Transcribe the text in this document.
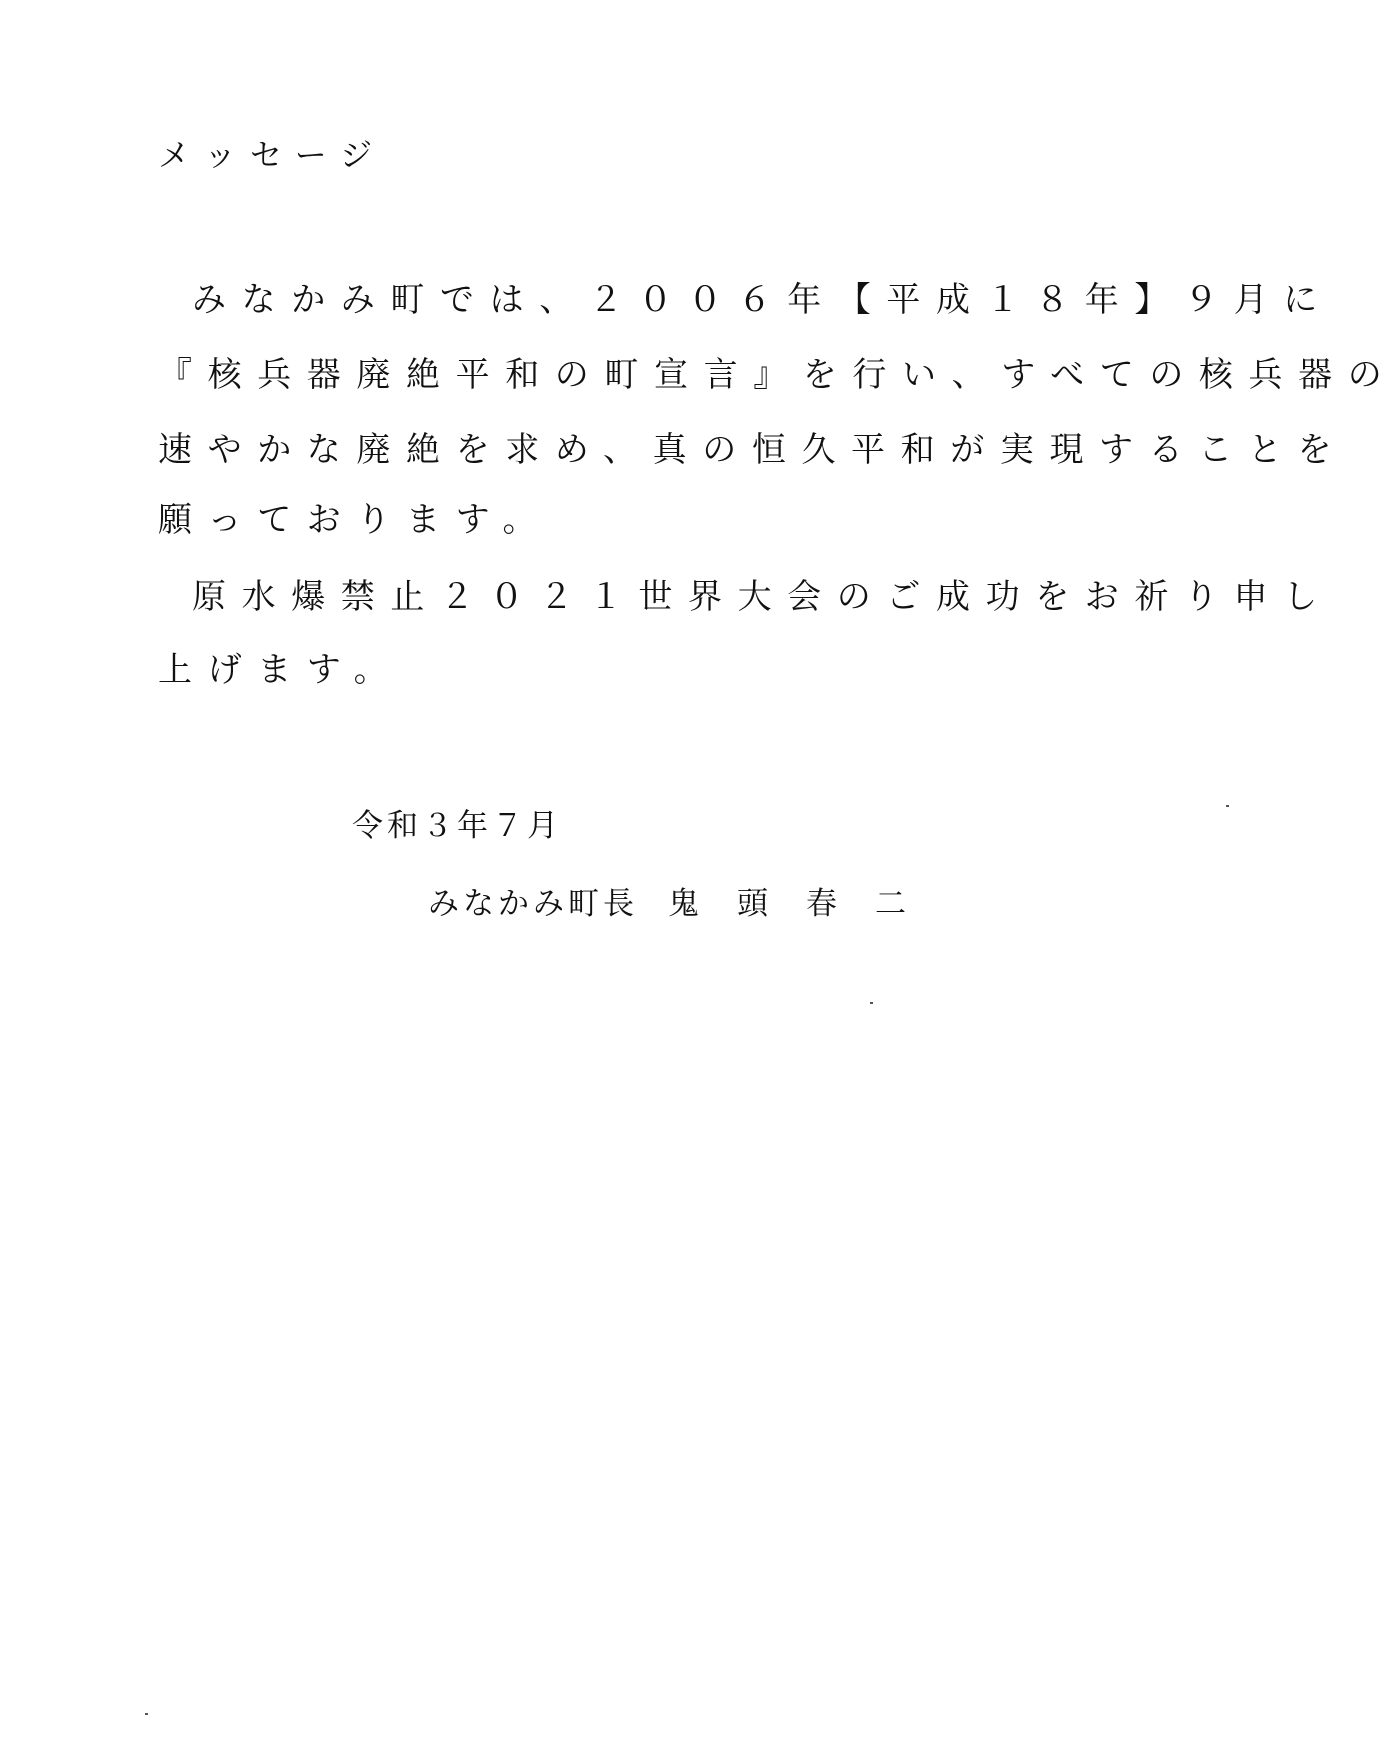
メッセージ
みなかみ町では、２００６年【平成１８年】９月に
『核兵器廃絶平和の町宣言』を行い、すべての核兵器の
速やかな廃絶を求め、真の恒久平和が実現することを
願っております。
原水爆禁止２０２１世界大会のご成功をお祈り申し
上げます。
令和３年７月
みなかみ町長 鬼頭春二
